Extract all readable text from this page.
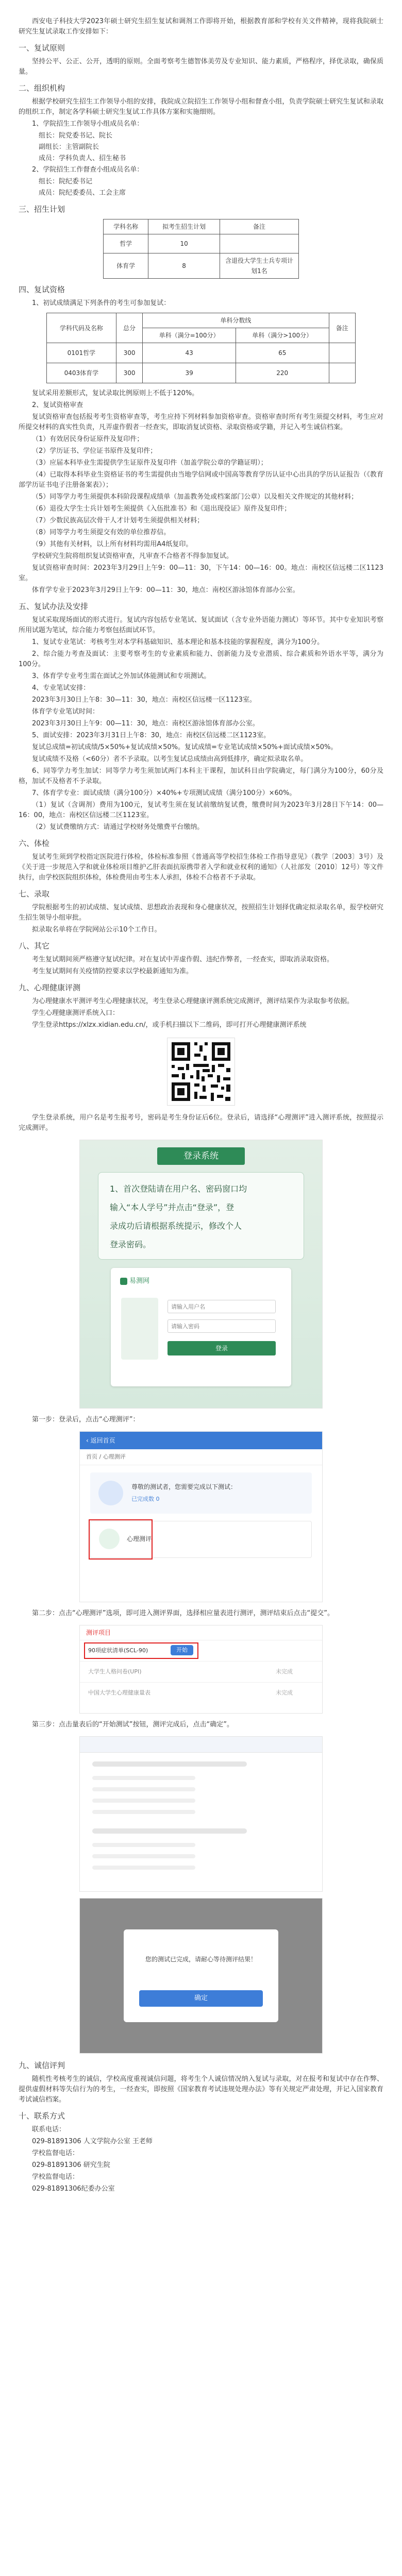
西安电子科技大学2023年硕士研究生招生复试和调剂工作即将开始，根据教育部和学校有关文件精神，现将我院硕士研究生复试录取工作安排如下：

一、复试原则

坚持公平、公正、公开，透明的原则。全面考察考生德智体美劳及专业知识、能力素质，严格程序，择优录取，确保质量。

二、组织机构

根据学校研究生招生工作领导小组的安排，我院成立院招生工作领导小组和督查小组，负责学院硕士研究生复试和录取的组织工作，制定各学科硕士研究生复试工作具体方案和实施细则。

1、学院招生工作领导小组成员名单：

组长：院党委书记、院长

副组长：主管副院长

成员：学科负责人、招生秘书

2、学院招生工作督查小组成员名单：

组长：院纪委书记

成员：院纪委委员、工会主席

三、招生计划
学科名称	拟考生招生计划	备注
哲学	10	
体育学	8	含退役大学生士兵专项计划1名
四、复试资格

1、初试成绩满足下列条件的考生可参加复试：

学科代码及名称	总分	单科分数线		备注
		单科（满分=100分）	单科（满分>100分）	
0101哲学	300	43	65	
0403体育学	300	39	220	

复试采用差额形式，复试录取比例原则上不低于120%。

2、复试资格审查

复试资格审查包括报考考生资格审查等，考生应持下列材料参加资格审查。资格审查时所有考生须提交材料，考生应对所提交材料的真实性负责，凡弄虚作假者一经查实，即取消复试资格、录取资格或学籍，并记入考生诚信档案。

（1）有效居民身份证原件及复印件；

（2）学历证书、学位证书原件及复印件；

（3）应届本科毕业生需提供学生证原件及复印件（加盖学院公章的学籍证明）；

（4）已取得本科毕业生资格证书的考生需提供由当地学信网或中国高等教育学历认证中心出具的学历认证报告（《教育部学历证书电子注册备案表》）；

（5）同等学力考生须提供本科阶段课程成绩单（加盖教务处或档案部门公章）以及相关文件规定的其他材料；

（6）退役大学生士兵计划考生须提供《入伍批准书》和《退出现役证》原件及复印件；

（7）少数民族高层次骨干人才计划考生须提供相关材料；

（8）同等学力考生须提交有效的单位推荐信。

（9）其他有关材料，以上所有材料均需用A4纸复印。

学校研究生院将组织复试资格审查，凡审查不合格者不得参加复试。

复试资格审查时间：2023年3月29日上午9：00—11：30，下午14：00—16：00。地点：南校区信远楼二区1123室。

体育学专业于2023年3月29日上午9：00—11：30，地点：南校区游泳馆体育部办公室。

五、复试办法及安排

复试采取现场面试的形式进行。复试内容包括专业笔试、复试面试（含专业外语能力测试）等环节。其中专业知识考察所用试题为笔试，综合能力考察包括面试环节。

1、复试专业笔试：考核考生对本学科基础知识、基本理论和基本技能的掌握程度，满分为100分。

2、综合能力考查及面试：主要考察考生的专业素质和能力、创新能力及专业潜质、综合素质和外语水平等，满分为100分。

3、体育学专业考生需在面试之外加试体能测试和专项测试。

4、专业笔试安排：

2023年3月30日上午8：30—11：30，地点：南校区信远楼一区1123室。

体育学专业笔试时间：

2023年3月30日上午9：00—11：30，地点：南校区游泳馆体育部办公室。

5、面试安排：2023年3月31日上午8：30，地点：南校区信远楼二区1123室。

复试总成绩=初试成绩/5×50%+复试成绩×50%。复试成绩=专业笔试成绩×50%+面试成绩×50%。

复试成绩不及格（<60分）者不予录取。以考生复试总成绩由高到低排序，确定拟录取名单。

6、同等学力考生加试：同等学力考生须加试两门本科主干课程，加试科目由学院确定，每门满分为100分，60分及格，加试不及格者不予录取。

7、体育学专业：面试成绩（满分100分）×40%+专项测试成绩（满分100分）×60%。

（1）复试（含调剂）费用为100元，复试考生须在复试前缴纳复试费，缴费时间为2023年3月28日下午14：00—16：00，地点：南校区信远楼二区1123室。

（2）复试费缴纳方式：请通过学校财务处缴费平台缴纳。

六、体检

复试考生须到学校指定医院进行体检，体检标准参照《普通高等学校招生体检工作指导意见》（教学〔2003〕3号）及《关于进一步规范入学和就业体检项目维护乙肝表面抗原携带者入学和就业权利的通知》（人社部发〔2010〕12号）等文件执行，由学校医院组织体检，体检费用由考生本人承担，体检不合格者不予录取。

七、录取

学院根据考生的初试成绩、复试成绩、思想政治表现和身心健康状况，按照招生计划择优确定拟录取名单，报学校研究生招生领导小组审批。

拟录取名单将在学院网站公示10个工作日。

八、其它

考生复试期间须严格遵守复试纪律。对在复试中弄虚作假、违纪作弊者，一经查实，即取消录取资格。

考生复试期间有关疫情防控要求以学校最新通知为准。

九、心理健康评测

为心理健康水平测评考生心理健康状况，考生登录心理健康评测系统完成测评，测评结果作为录取参考依据。

学生心理健康测评系统入口：

学生登录https://xlzx.xidian.edu.cn/，或手机扫描以下二维码，即可打开心理健康测评系统

学生登录系统，用户名是考生报考号，密码是考生身份证后6位。登录后，请选择“心理测评”进入测评系统，按照提示完成测评。

登录系统
1、首次登陆请在用户名、密码窗口均
输入“本人学号”并点击“登录”，登
录成功后请根据系统提示，修改个人
登录密码。
易测网
请输入用户名
请输入密码
登录

第一步：登录后，点击“心理测评”：

‹ 返回首页
首页 / 心理测评
尊敬的测试者，您需要完成以下测试：
已完成数 0
心理测评

第二步：点击“心理测评”选项，即可进入测评界面，选择相应量表进行测评，测评结束后点击“提交”。

测评项目
90项症状清单(SCL-90)	开始
大学生人格问卷(UPI)	未完成
中国大学生心理健康量表	未完成

第三步：点击量表后的“开始测试”按钮，测评完成后，点击“确定”。

您的测试已完成，请耐心等待测评结果！
确定
九、诚信评判

随机性考核考生的诚信，学校高度重视诚信问题，将考生个人诚信情况纳入复试与录取，对在报考和复试中存在作弊、提供虚假材料等失信行为的考生，一经查实，即按照《国家教育考试违规处理办法》等有关规定严肃处理，并记入国家教育考试诚信档案。

十、联系方式

联系电话：

029-81891306 人文学院办公室 王老师

学校监督电话：

029-81891306 研究生院

学校监督电话：

029-81891306纪委办公室
